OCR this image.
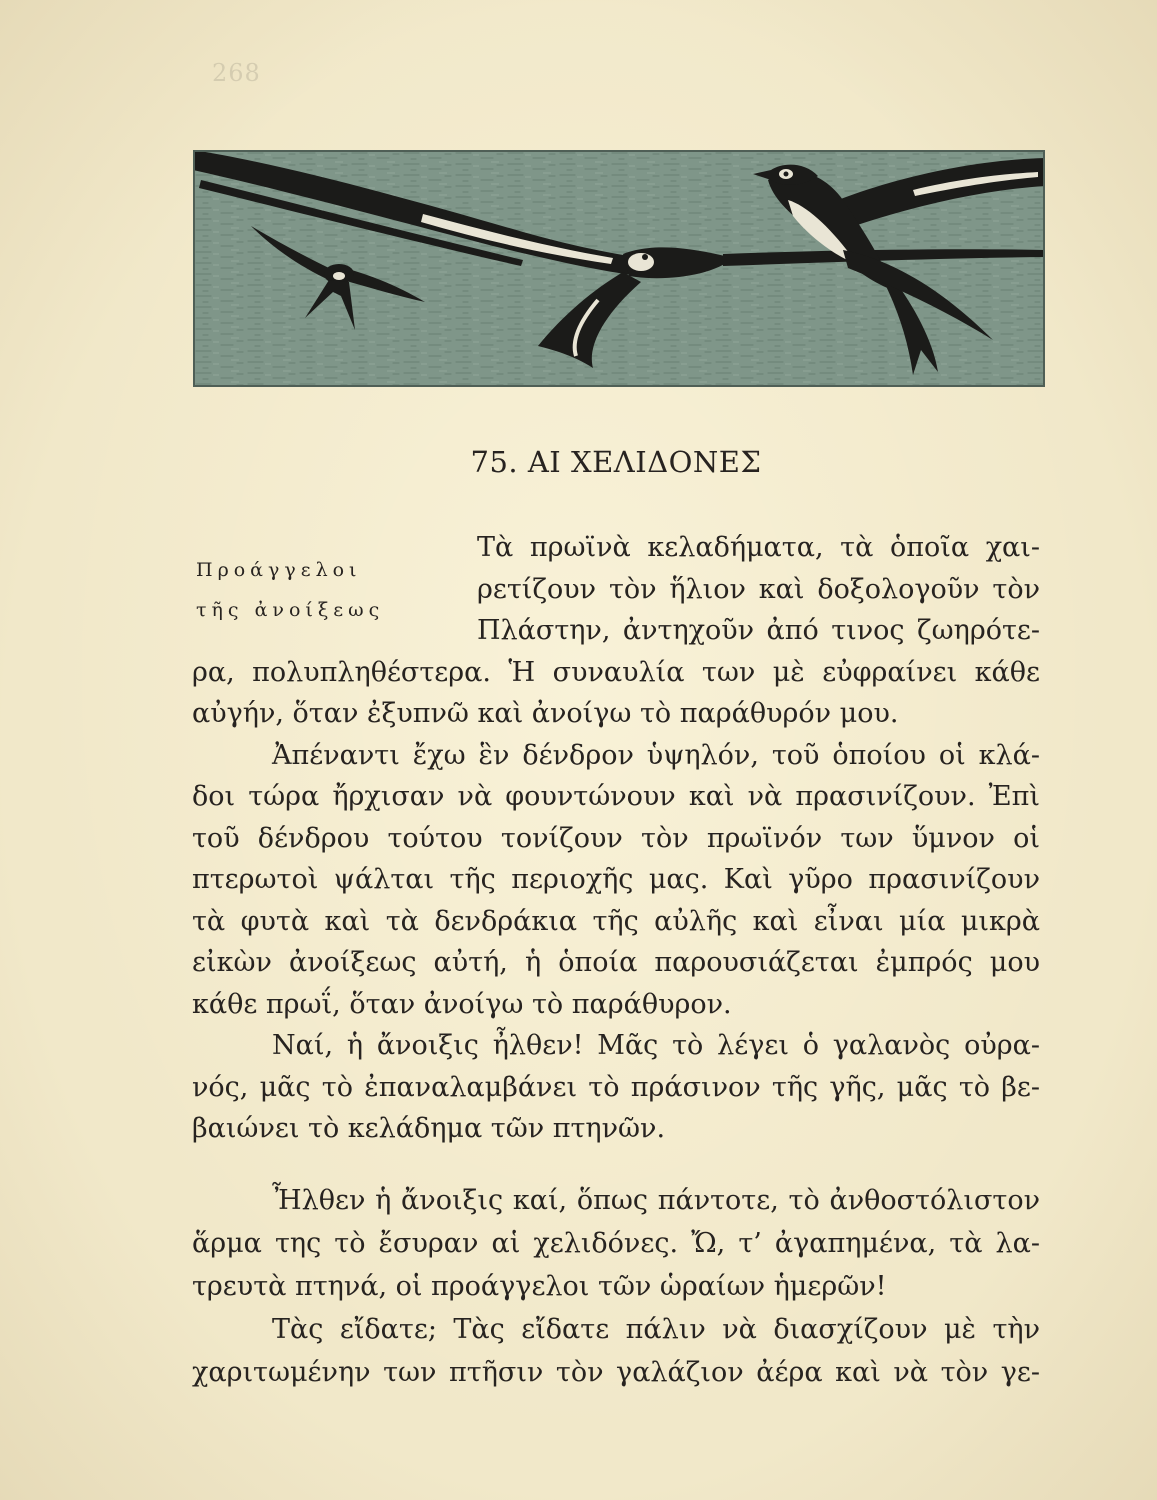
268
75. ΑΙ ΧΕΛΙΔΟΝΕΣ
Προάγγελοι
τῆς ἀνοίξεως
Τὰ πρωϊνὰ κελαδήματα, τὰ ὁποῖα χαι-
ρετίζουν τὸν ἥλιον καὶ δοξολογοῦν τὸν
Πλάστην, ἀντηχοῦν ἀπό τινος ζωηρότε-
ρα, πολυπληθέστερα. Ἡ συναυλία των μὲ εὐφραίνει κάθε
αὐγήν, ὅταν ἐξυπνῶ καὶ ἀνοίγω τὸ παράθυρόν μου.
Ἀπέναντι ἔχω ἓν δένδρον ὑψηλόν, τοῦ ὁποίου οἱ κλά-
δοι τώρα ἤρχισαν νὰ φουντώνουν καὶ νὰ πρασινίζουν. Ἐπὶ
τοῦ δένδρου τούτου τονίζουν τὸν πρωϊνόν των ὕμνον οἱ
πτερωτοὶ ψάλται τῆς περιοχῆς μας. Καὶ γῦρο πρασινίζουν
τὰ φυτὰ καὶ τὰ δενδράκια τῆς αὐλῆς καὶ εἶναι μία μικρὰ
εἰκὼν ἀνοίξεως αὐτή, ἡ ὁποία παρουσιάζεται ἐμπρός μου
κάθε πρωΐ, ὅταν ἀνοίγω τὸ παράθυρον.
Ναί, ἡ ἄνοιξις ἦλθεν! Μᾶς τὸ λέγει ὁ γαλανὸς οὐρα-
νός, μᾶς τὸ ἐπαναλαμβάνει τὸ πράσινον τῆς γῆς, μᾶς τὸ βε-
βαιώνει τὸ κελάδημα τῶν πτηνῶν.
Ἦλθεν ἡ ἄνοιξις καί, ὅπως πάντοτε, τὸ ἀνθοστόλιστον
ἅρμα της τὸ ἔσυραν αἱ χελιδόνες. Ὤ, τ’ ἀγαπημένα, τὰ λα-
τρευτὰ πτηνά, οἱ προάγγελοι τῶν ὡραίων ἡμερῶν!
Τὰς εἴδατε; Τὰς εἴδατε πάλιν νὰ διασχίζουν μὲ τὴν
χαριτωμένην των πτῆσιν τὸν γαλάζιον ἀέρα καὶ νὰ τὸν γε-
